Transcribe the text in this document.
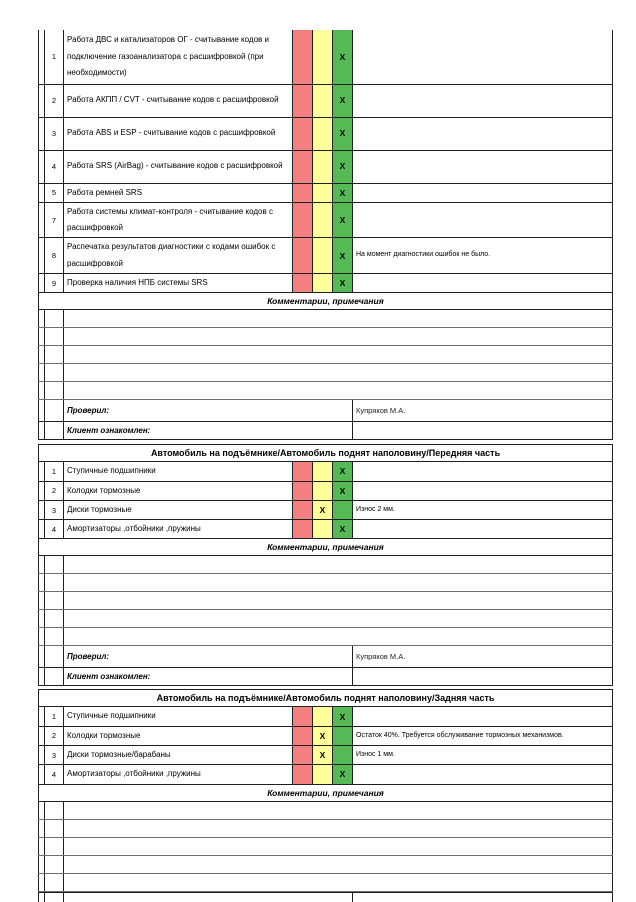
	1	Работа ДВС и катализаторов ОГ - считывание кодов и подключение газоанализатора с расшифровкой (при необходимости)			X	
	2	Работа АКПП / CVT - считывание кодов с расшифровкой			X	
	3	Работа ABS и ESP - считывание кодов с расшифровкой			X	
	4	Работа SRS (AirBag) - считывание кодов с расшифровкой			X	
	5	Работа ремней SRS			X	
	7	Работа системы климат-контроля - считывание кодов с расшифровкой			X	
	8	Распечатка результатов диагностики с кодами ошибок с расшифровкой			X	На момент диагностики ошибок не было.
	9	Проверка наличия НПБ системы SRS			X	
Комментарии, примечания						

		Проверил:				Купряков М.А.
		Клиент ознакомлен:				
Автомобиль на подъёмнике/Автомобиль поднят наполовину/Передняя часть						
	1	Ступичные подшипники			X	
	2	Колодки тормозные			X	
	3	Диски тормозные		X		Износ 2 мм.
	4	Амортизаторы ,отбойники ,пружины			X	
Комментарии, примечания						

		Проверил:				Купряков М.А.
		Клиент ознакомлен:				
Автомобиль на подъёмнике/Автомобиль поднят наполовину/Задняя часть						
	1	Ступичные подшипники			X	
	2	Колодки тормозные		X		Остаток 40%. Требуется обслуживание тормозных механизмов.
	3	Диски тормозные/барабаны		X		Износ 1 мм.
	4	Амортизаторы ,отбойники ,пружины			X	
Комментарии, примечания						
